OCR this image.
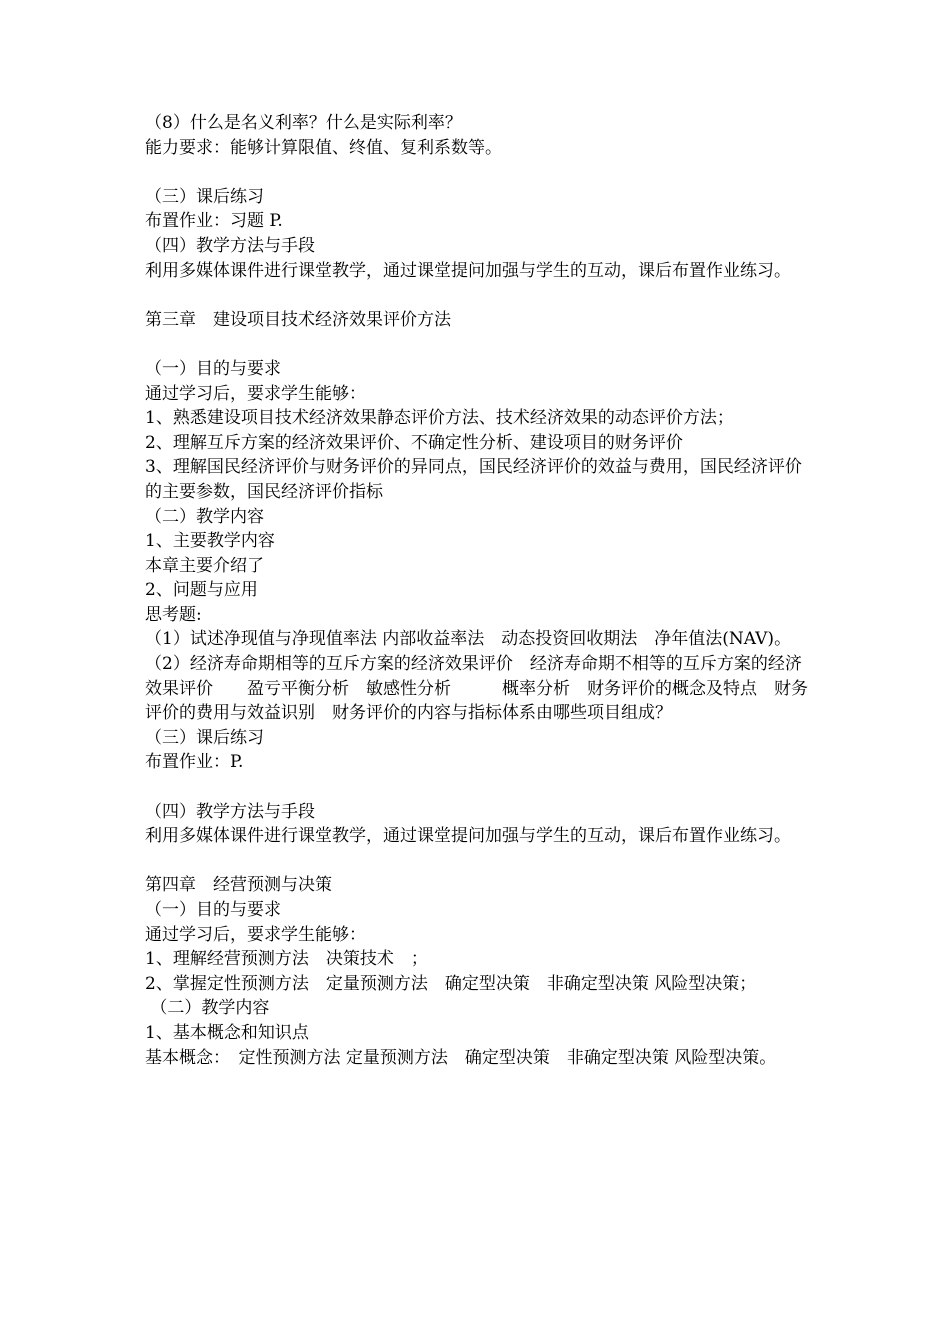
（8）什么是名义利率？什么是实际利率？

能力要求：能够计算限值、终值、复利系数等。

（三）课后练习

布置作业：习题 P.

（四）教学方法与手段

利用多媒体课件进行课堂教学，通过课堂提问加强与学生的互动，课后布置作业练习。

第三章　建设项目技术经济效果评价方法

（一）目的与要求

通过学习后，要求学生能够：

1、熟悉建设项目技术经济效果静态评价方法、技术经济效果的动态评价方法；

2、理解互斥方案的经济效果评价、不确定性分析、建设项目的财务评价

3、理解国民经济评价与财务评价的异同点，国民经济评价的效益与费用，国民经济评价的主要参数，国民经济评价指标

（二）教学内容

1、主要教学内容

本章主要介绍了

2、问题与应用

思考题:

（1）试述净现值与净现值率法 内部收益率法　动态投资回收期法　净年值法(NAV)。

（2）经济寿命期相等的互斥方案的经济效果评价　经济寿命期不相等的互斥方案的经济效果评价　　盈亏平衡分析　敏感性分析　　　概率分析　财务评价的概念及特点　财务评价的费用与效益识别　财务评价的内容与指标体系由哪些项目组成？

（三）课后练习

布置作业：P.

（四）教学方法与手段

利用多媒体课件进行课堂教学，通过课堂提问加强与学生的互动，课后布置作业练习。

第四章　经营预测与决策

（一）目的与要求

通过学习后，要求学生能够：

1、理解经营预测方法　决策技术　；

2、掌握定性预测方法　定量预测方法　确定型决策　非确定型决策 风险型决策；

（二）教学内容

1、基本概念和知识点

基本概念：　定性预测方法 定量预测方法　确定型决策　非确定型决策 风险型决策。
